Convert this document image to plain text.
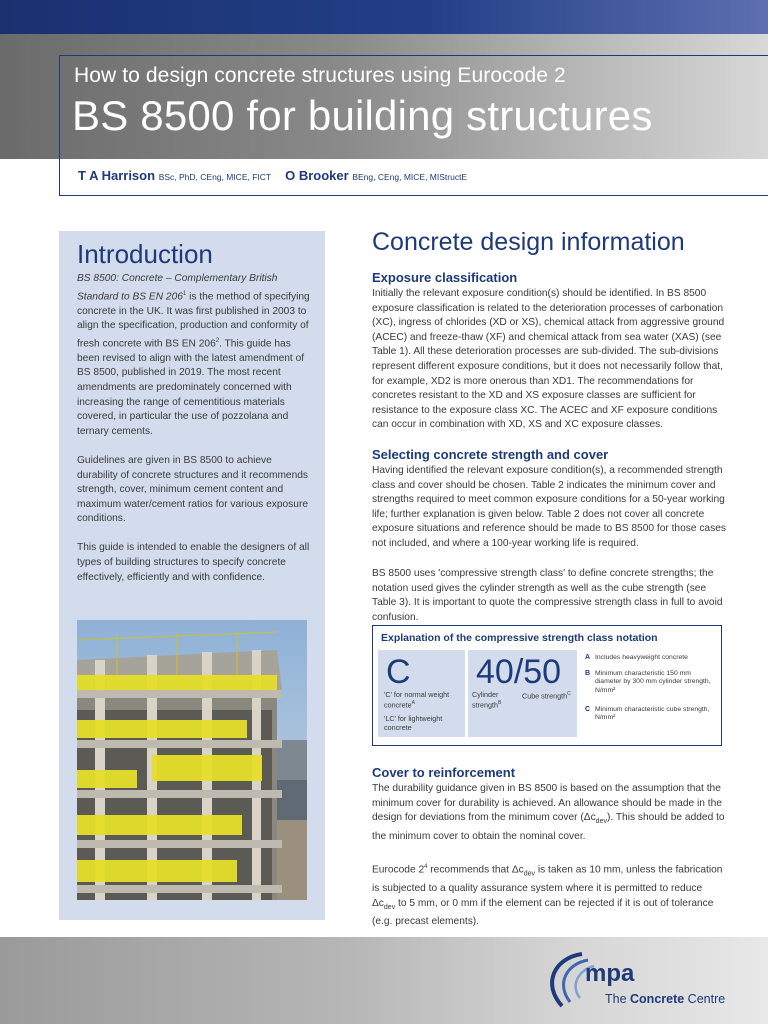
How to design concrete structures using Eurocode 2
BS 8500 for building structures
T A Harrison BSc, PhD, CEng, MICE, FICT O Brooker BEng, CEng, MICE, MIStructE
Introduction

BS 8500: Concrete – Complementary British Standard to BS EN $206^1$ is the method of specifying concrete in the UK. It was first published in 2003 to align the specification, production and conformity of fresh concrete with BS EN $206^2$. This guide has been revised to align with the latest amendment of BS 8500, published in 2019. The most recent amendments are predominately concerned with increasing the range of cementitious materials covered, in particular the use of pozzolana and ternary cements.

Guidelines are given in BS 8500 to achieve durability of concrete structures and it recommends strength, cover, minimum cement content and maximum water/cement ratios for various exposure conditions.

This guide is intended to enable the designers of all types of building structures to specify concrete effectively, efficiently and with confidence.

Concrete design information
Exposure classification
Initially the relevant exposure condition(s) should be identified. In BS 8500 exposure classification is related to the deterioration processes of carbonation (XC), ingress of chlorides (XD or XS), chemical attack from aggressive ground (ACEC) and freeze-thaw (XF) and chemical attack from sea water (XAS) (see Table 1). All these deterioration processes are sub-divided. The sub-divisions represent different exposure conditions, but it does not necessarily follow that, for example, XD2 is more onerous than XD1. The recommendations for concretes resistant to the XD and XS exposure classes are sufficient for resistance to the exposure class XC. The ACEC and XF exposure conditions can occur in combination with XD, XS and XC exposure classes.
Selecting concrete strength and cover
Having identified the relevant exposure condition(s), a recommended strength class and cover should be chosen. Table 2 indicates the minimum cover and strengths required to meet common exposure conditions for a 50-year working life; further explanation is given below. Table 2 does not cover all concrete exposure situations and reference should be made to BS 8500 for those cases not included, and where a 100-year working life is required.
BS 8500 uses 'compressive strength class' to define concrete strengths; the notation used gives the cylinder strength as well as the cube strength (see Table 3). It is important to quote the compressive strength class in full to avoid confusion.
Explanation of the compressive strength class notation
C
'C' for normal weight concrete$^A$
'LC' for lightweight concrete
40/50
Cylinder strength$^B$
Cube strength$^C$
A Includes heavyweight concrete
B Minimum characteristic 150 mm diameter by 300 mm cylinder strength, N/mm²
C Minimum characteristic cube strength, N/mm²
Cover to reinforcement
The durability guidance given in BS 8500 is based on the assumption that the minimum cover for durability is achieved. An allowance should be made in the design for deviations from the minimum cover $(\Delta c_{dev})$. This should be added to the minimum cover to obtain the nominal cover.
Eurocode $2^4$ recommends that $\Delta c_{dev}$ is taken as 10 mm, unless the fabrication is subjected to a quality assurance system where it is permitted to reduce $\Delta c_{dev}$ to 5 mm, or 0 mm if the element can be rejected if it is out of tolerance (e.g. precast elements).
mpa
The Concrete Centre
